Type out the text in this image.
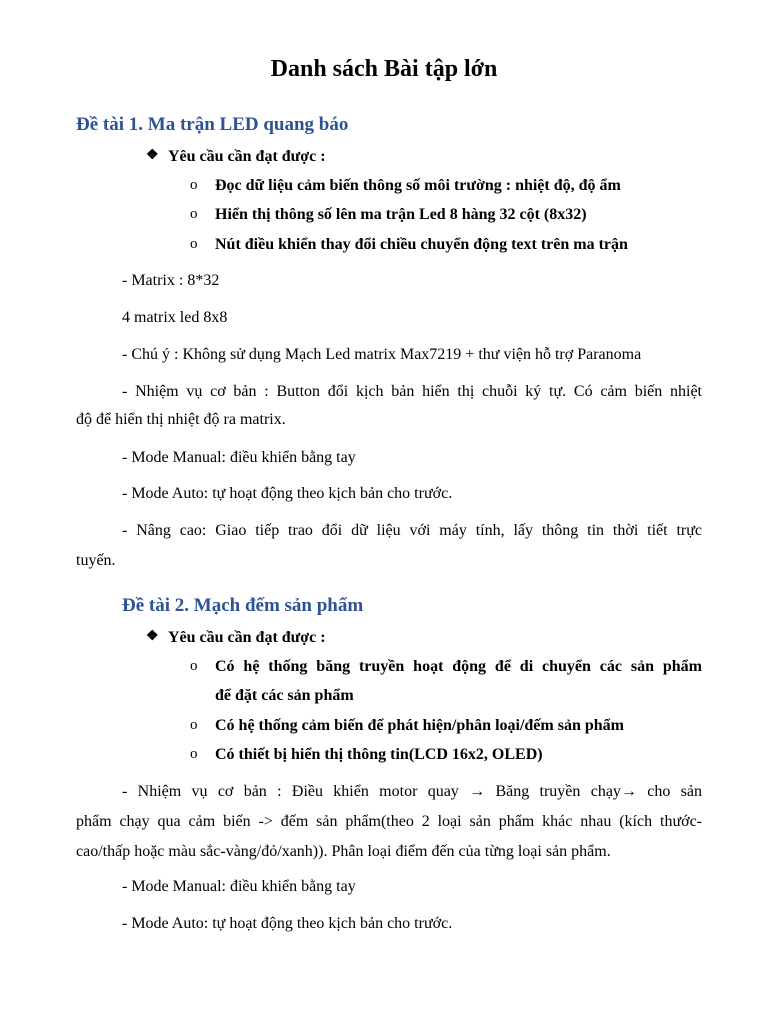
Danh sách Bài tập lớn
Đề tài 1. Ma trận LED quang báo
❖ Yêu cầu cần đạt được :
o Đọc dữ liệu cảm biến thông số môi trường : nhiệt độ, độ ẩm
o Hiển thị thông số lên ma trận Led 8 hàng 32 cột (8x32)
o Nút điều khiển thay đổi chiều chuyển động text trên ma trận
- Matrix : 8*32
4 matrix led 8x8
- Chú ý : Không sử dụng Mạch Led matrix Max7219 + thư viện hỗ trợ Paranoma
- Nhiệm vụ cơ bản : Button đổi kịch bản hiển thị chuỗi ký tự. Có cảm biến nhiệt
độ để hiển thị nhiệt độ ra matrix.
- Mode Manual: điều khiển bằng tay
- Mode Auto: tự hoạt động theo kịch bản cho trước.
- Nâng cao: Giao tiếp trao đổi dữ liệu với máy tính, lấy thông tin thời tiết trực
tuyến.
Đề tài 2. Mạch đếm sản phẩm
❖ Yêu cầu cần đạt được :
o Có hệ thống băng truyền hoạt động để di chuyển các sản phẩm
để đặt các sản phẩm
o Có hệ thống cảm biến để phát hiện/phân loại/đếm sản phẩm
o Có thiết bị hiển thị thông tin(LCD 16x2, OLED)
- Nhiệm vụ cơ bản : Điều khiển motor quay → Băng truyền chạy→ cho sản
phẩm chạy qua cảm biến -> đếm sản phẩm(theo 2 loại sản phẩm khác nhau (kích thước-
cao/thấp hoặc màu sắc-vàng/đỏ/xanh)). Phân loại điểm đến của từng loại sản phẩm.
- Mode Manual: điều khiển bằng tay
- Mode Auto: tự hoạt động theo kịch bản cho trước.
